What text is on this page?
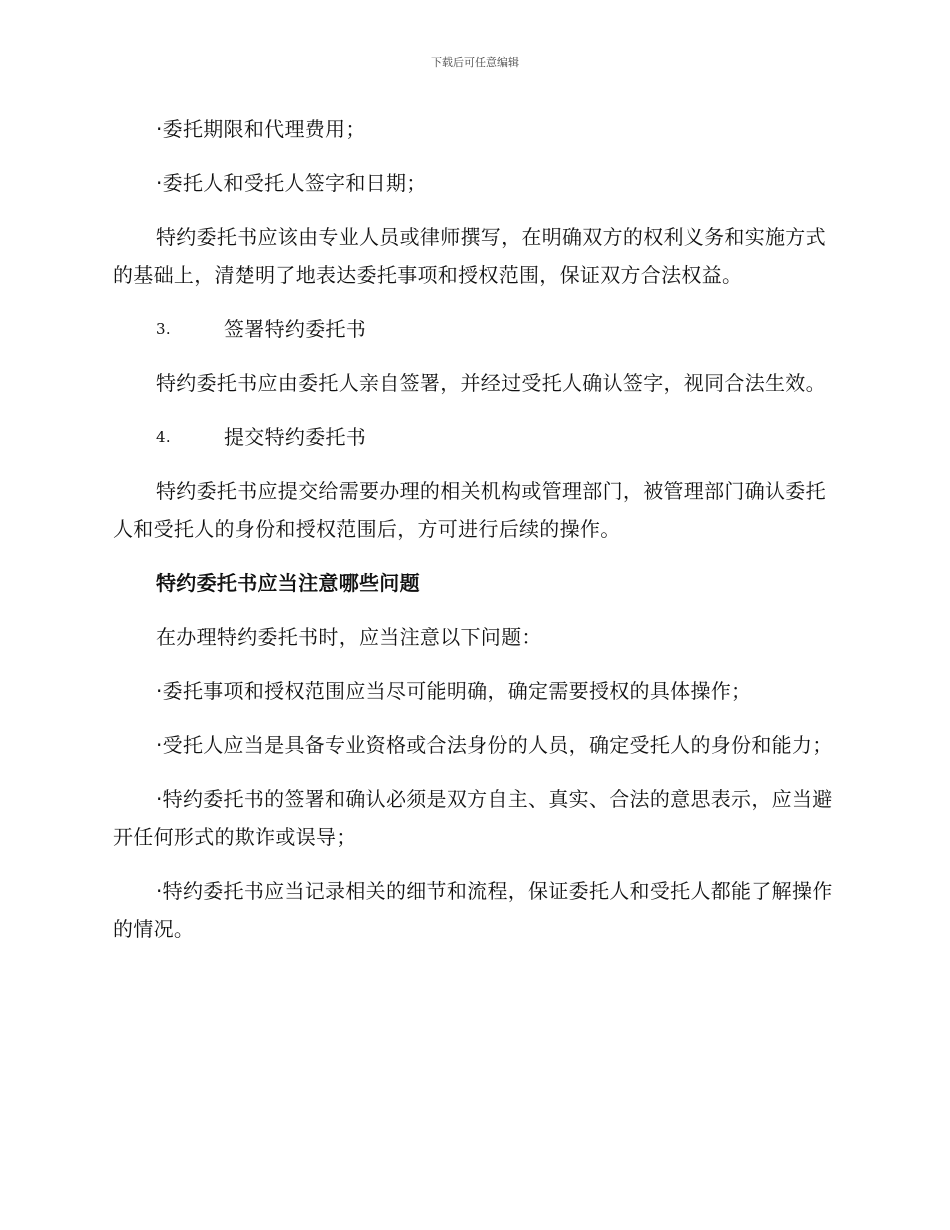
下载后可任意编辑

·委托期限和代理费用；

·委托人和受托人签字和日期；

特约委托书应该由专业人员或律师撰写，在明确双方的权利义务和实施方式的基础上，清楚明了地表达委托事项和授权范围，保证双方合法权益。

3.	签署特约委托书

特约委托书应由委托人亲自签署，并经过受托人确认签字，视同合法生效。

4.	提交特约委托书

特约委托书应提交给需要办理的相关机构或管理部门，被管理部门确认委托人和受托人的身份和授权范围后，方可进行后续的操作。

特约委托书应当注意哪些问题

在办理特约委托书时，应当注意以下问题：

·委托事项和授权范围应当尽可能明确，确定需要授权的具体操作；

·受托人应当是具备专业资格或合法身份的人员，确定受托人的身份和能力；

·特约委托书的签署和确认必须是双方自主、真实、合法的意思表示，应当避开任何形式的欺诈或误导；

·特约委托书应当记录相关的细节和流程，保证委托人和受托人都能了解操作的情况。
